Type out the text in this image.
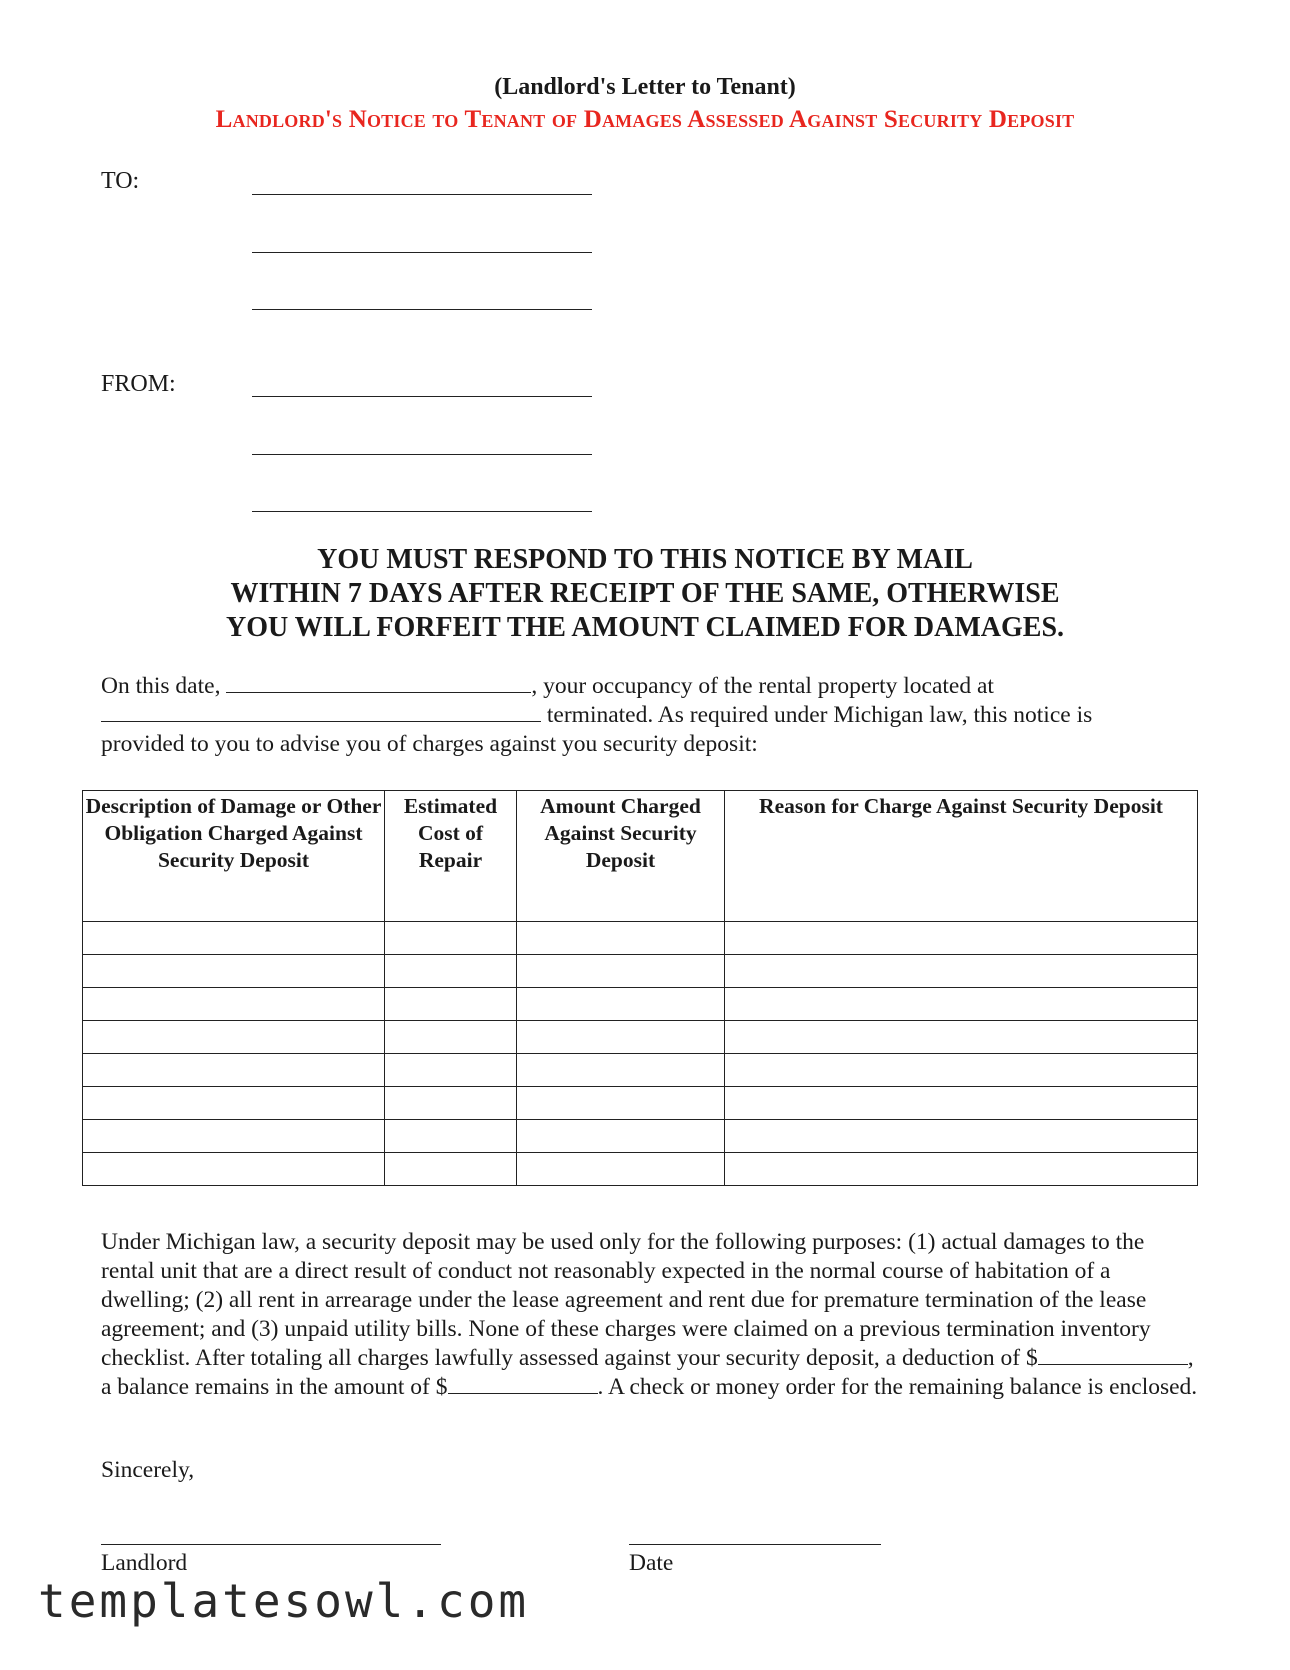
(Landlord's Letter to Tenant)
Landlord's Notice to Tenant of Damages Assessed Against Security Deposit
TO:
FROM:
YOU MUST RESPOND TO THIS NOTICE BY MAIL
WITHIN 7 DAYS AFTER RECEIPT OF THE SAME, OTHERWISE
YOU WILL FORFEIT THE AMOUNT CLAIMED FOR DAMAGES.
On this date,	, your occupancy of the rental property located at
terminated. As required under Michigan law, this notice is
provided to you to advise you of charges against you security deposit:
Description of Damage or Other Obligation Charged Against Security Deposit	Estimated Cost of Repair	Amount Charged Against Security Deposit	Reason for Charge Against Security Deposit

Under Michigan law, a security deposit may be used only for the following purposes: (1) actual damages to the rental unit that are a direct result of conduct not reasonably expected in the normal course of habitation of a dwelling; (2) all rent in arrearage under the lease agreement and rent due for premature termination of the lease agreement; and (3) unpaid utility bills. None of these charges were claimed on a previous termination inventory checklist. After totaling all charges lawfully assessed against your security deposit, a deduction of $	, a balance remains in the amount of $	. A check or money order for the remaining balance is enclosed.
Sincerely,
Landlord	Date
templatesowl.com
